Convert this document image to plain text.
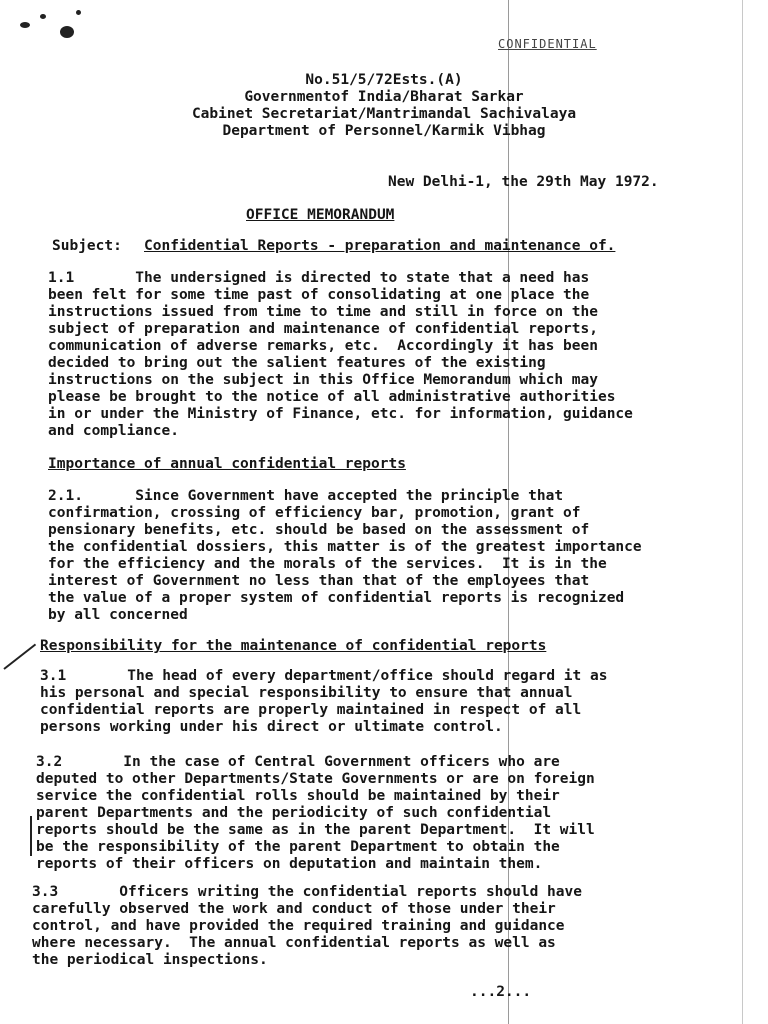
CONFIDENTIAL
No.51/5/72Ests.(A)
Governmentof India/Bharat Sarkar
Cabinet Secretariat/Mantrimandal Sachivalaya
Department of Personnel/Karmik Vibhag
New Delhi-1, the 29th May 1972.
OFFICE MEMORANDUM
Subject: Confidential Reports - preparation and maintenance of.
1.1       The undersigned is directed to state that a need has
been felt for some time past of consolidating at one place the
instructions issued from time to time and still in force on the
subject of preparation and maintenance of confidential reports,
communication of adverse remarks, etc.  Accordingly it has been
decided to bring out the salient features of the existing
instructions on the subject in this Office Memorandum which may
please be brought to the notice of all administrative authorities
in or under the Ministry of Finance, etc. for information, guidance
and compliance.
Importance of annual confidential reports
2.1.      Since Government have accepted the principle that
confirmation, crossing of efficiency bar, promotion, grant of
pensionary benefits, etc. should be based on the assessment of
the confidential dossiers, this matter is of the greatest importance
for the efficiency and the morals of the services.  It is in the
interest of Government no less than that of the employees that
the value of a proper system of confidential reports is recognized
by all concerned
Responsibility for the maintenance of confidential reports
3.1       The head of every department/office should regard it as
his personal and special responsibility to ensure that annual
confidential reports are properly maintained in respect of all
persons working under his direct or ultimate control.
3.2       In the case of Central Government officers who are
deputed to other Departments/State Governments or are on foreign
service the confidential rolls should be maintained by their
parent Departments and the periodicity of such confidential
reports should be the same as in the parent Department.  It will
be the responsibility of the parent Department to obtain the
reports of their officers on deputation and maintain them.
3.3       Officers writing the confidential reports should have
carefully observed the work and conduct of those under their
control, and have provided the required training and guidance
where necessary.  The annual confidential reports as well as
the periodical inspections.
...2...
